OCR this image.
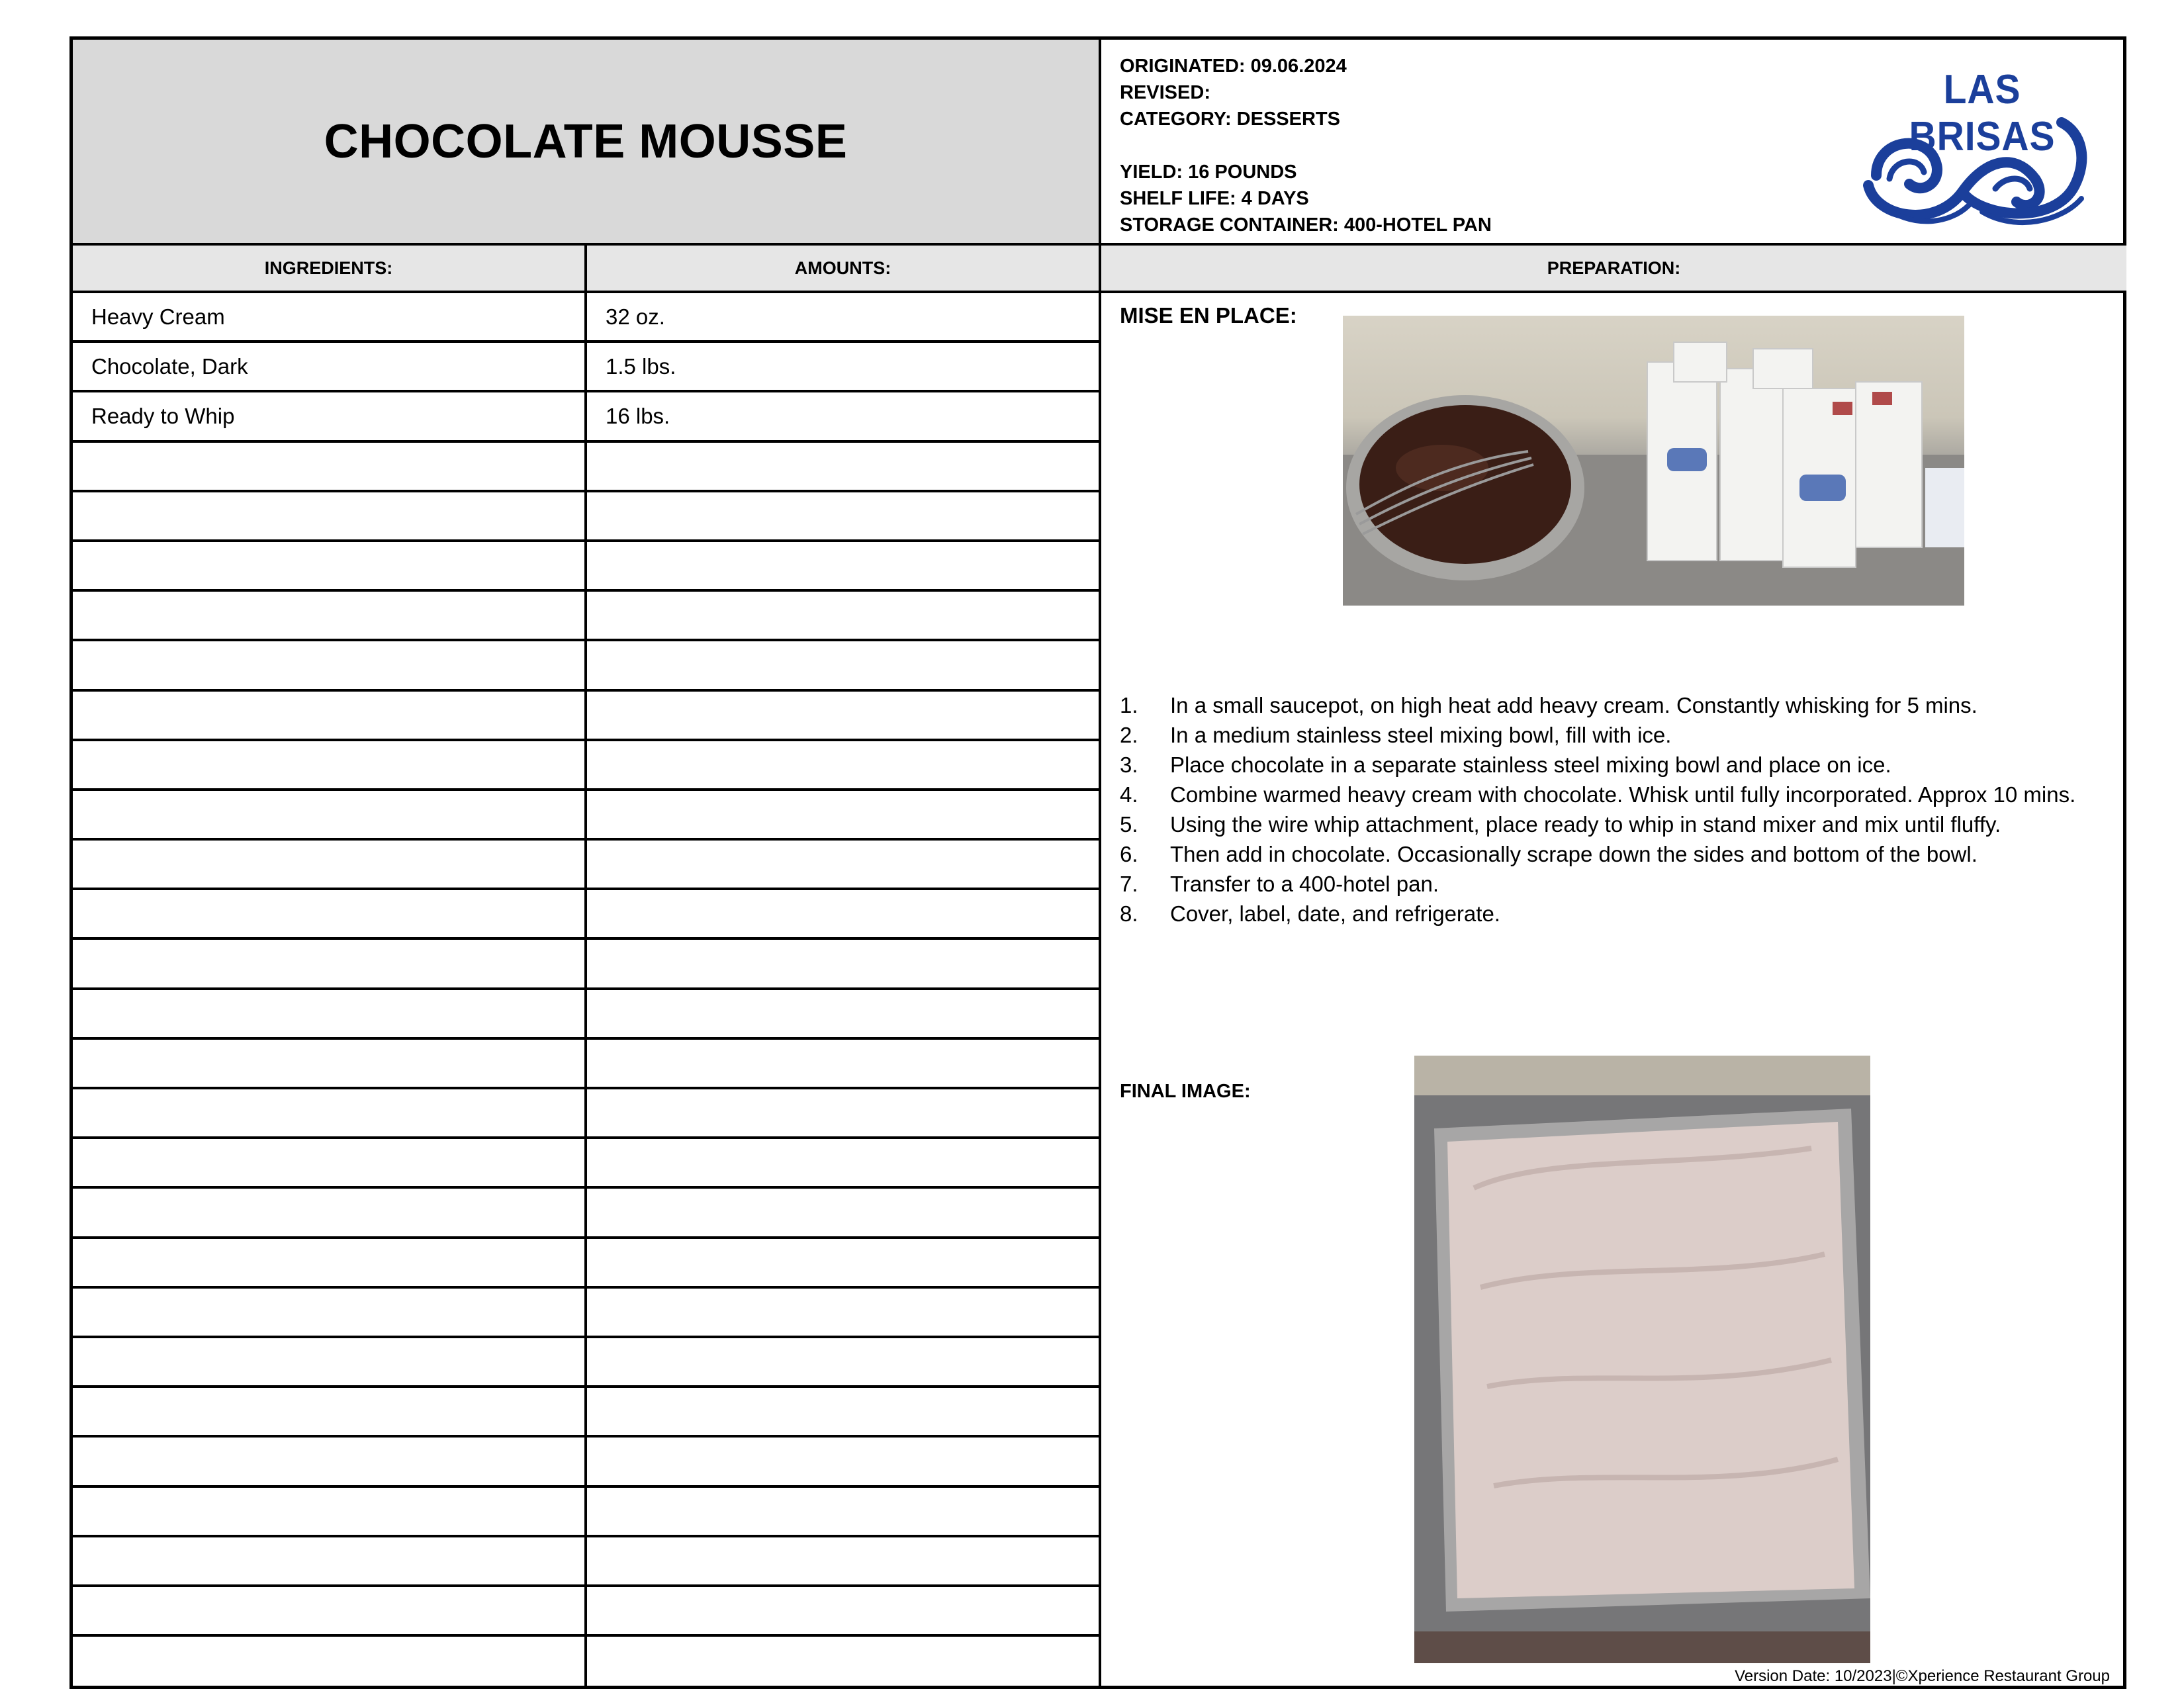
CHOCOLATE MOUSSE
ORIGINATED: 09.06.2024
REVISED:
CATEGORY: DESSERTS
YIELD: 16 POUNDS
SHELF LIFE: 4 DAYS
STORAGE CONTAINER: 400-HOTEL PAN
LAS BRISAS
INGREDIENTS:	AMOUNTS:	PREPARATION:
Heavy Cream	32 oz.
Chocolate, Dark	1.5 lbs.
Ready to Whip	16 lbs.
MISE EN PLACE:
1.	In a small saucepot, on high heat add heavy cream. Constantly whisking for 5 mins.
2.	In a medium stainless steel mixing bowl, fill with ice.
3.	Place chocolate in a separate stainless steel mixing bowl and place on ice.
4.	Combine warmed heavy cream with chocolate. Whisk until fully incorporated. Approx 10 mins.
5.	Using the wire whip attachment, place ready to whip in stand mixer and mix until fluffy.
6.	Then add in chocolate. Occasionally scrape down the sides and bottom of the bowl.
7.	Transfer to a 400-hotel pan.
8.	Cover, label, date, and refrigerate.
FINAL IMAGE:
Version Date: 10/2023|©Xperience Restaurant Group
